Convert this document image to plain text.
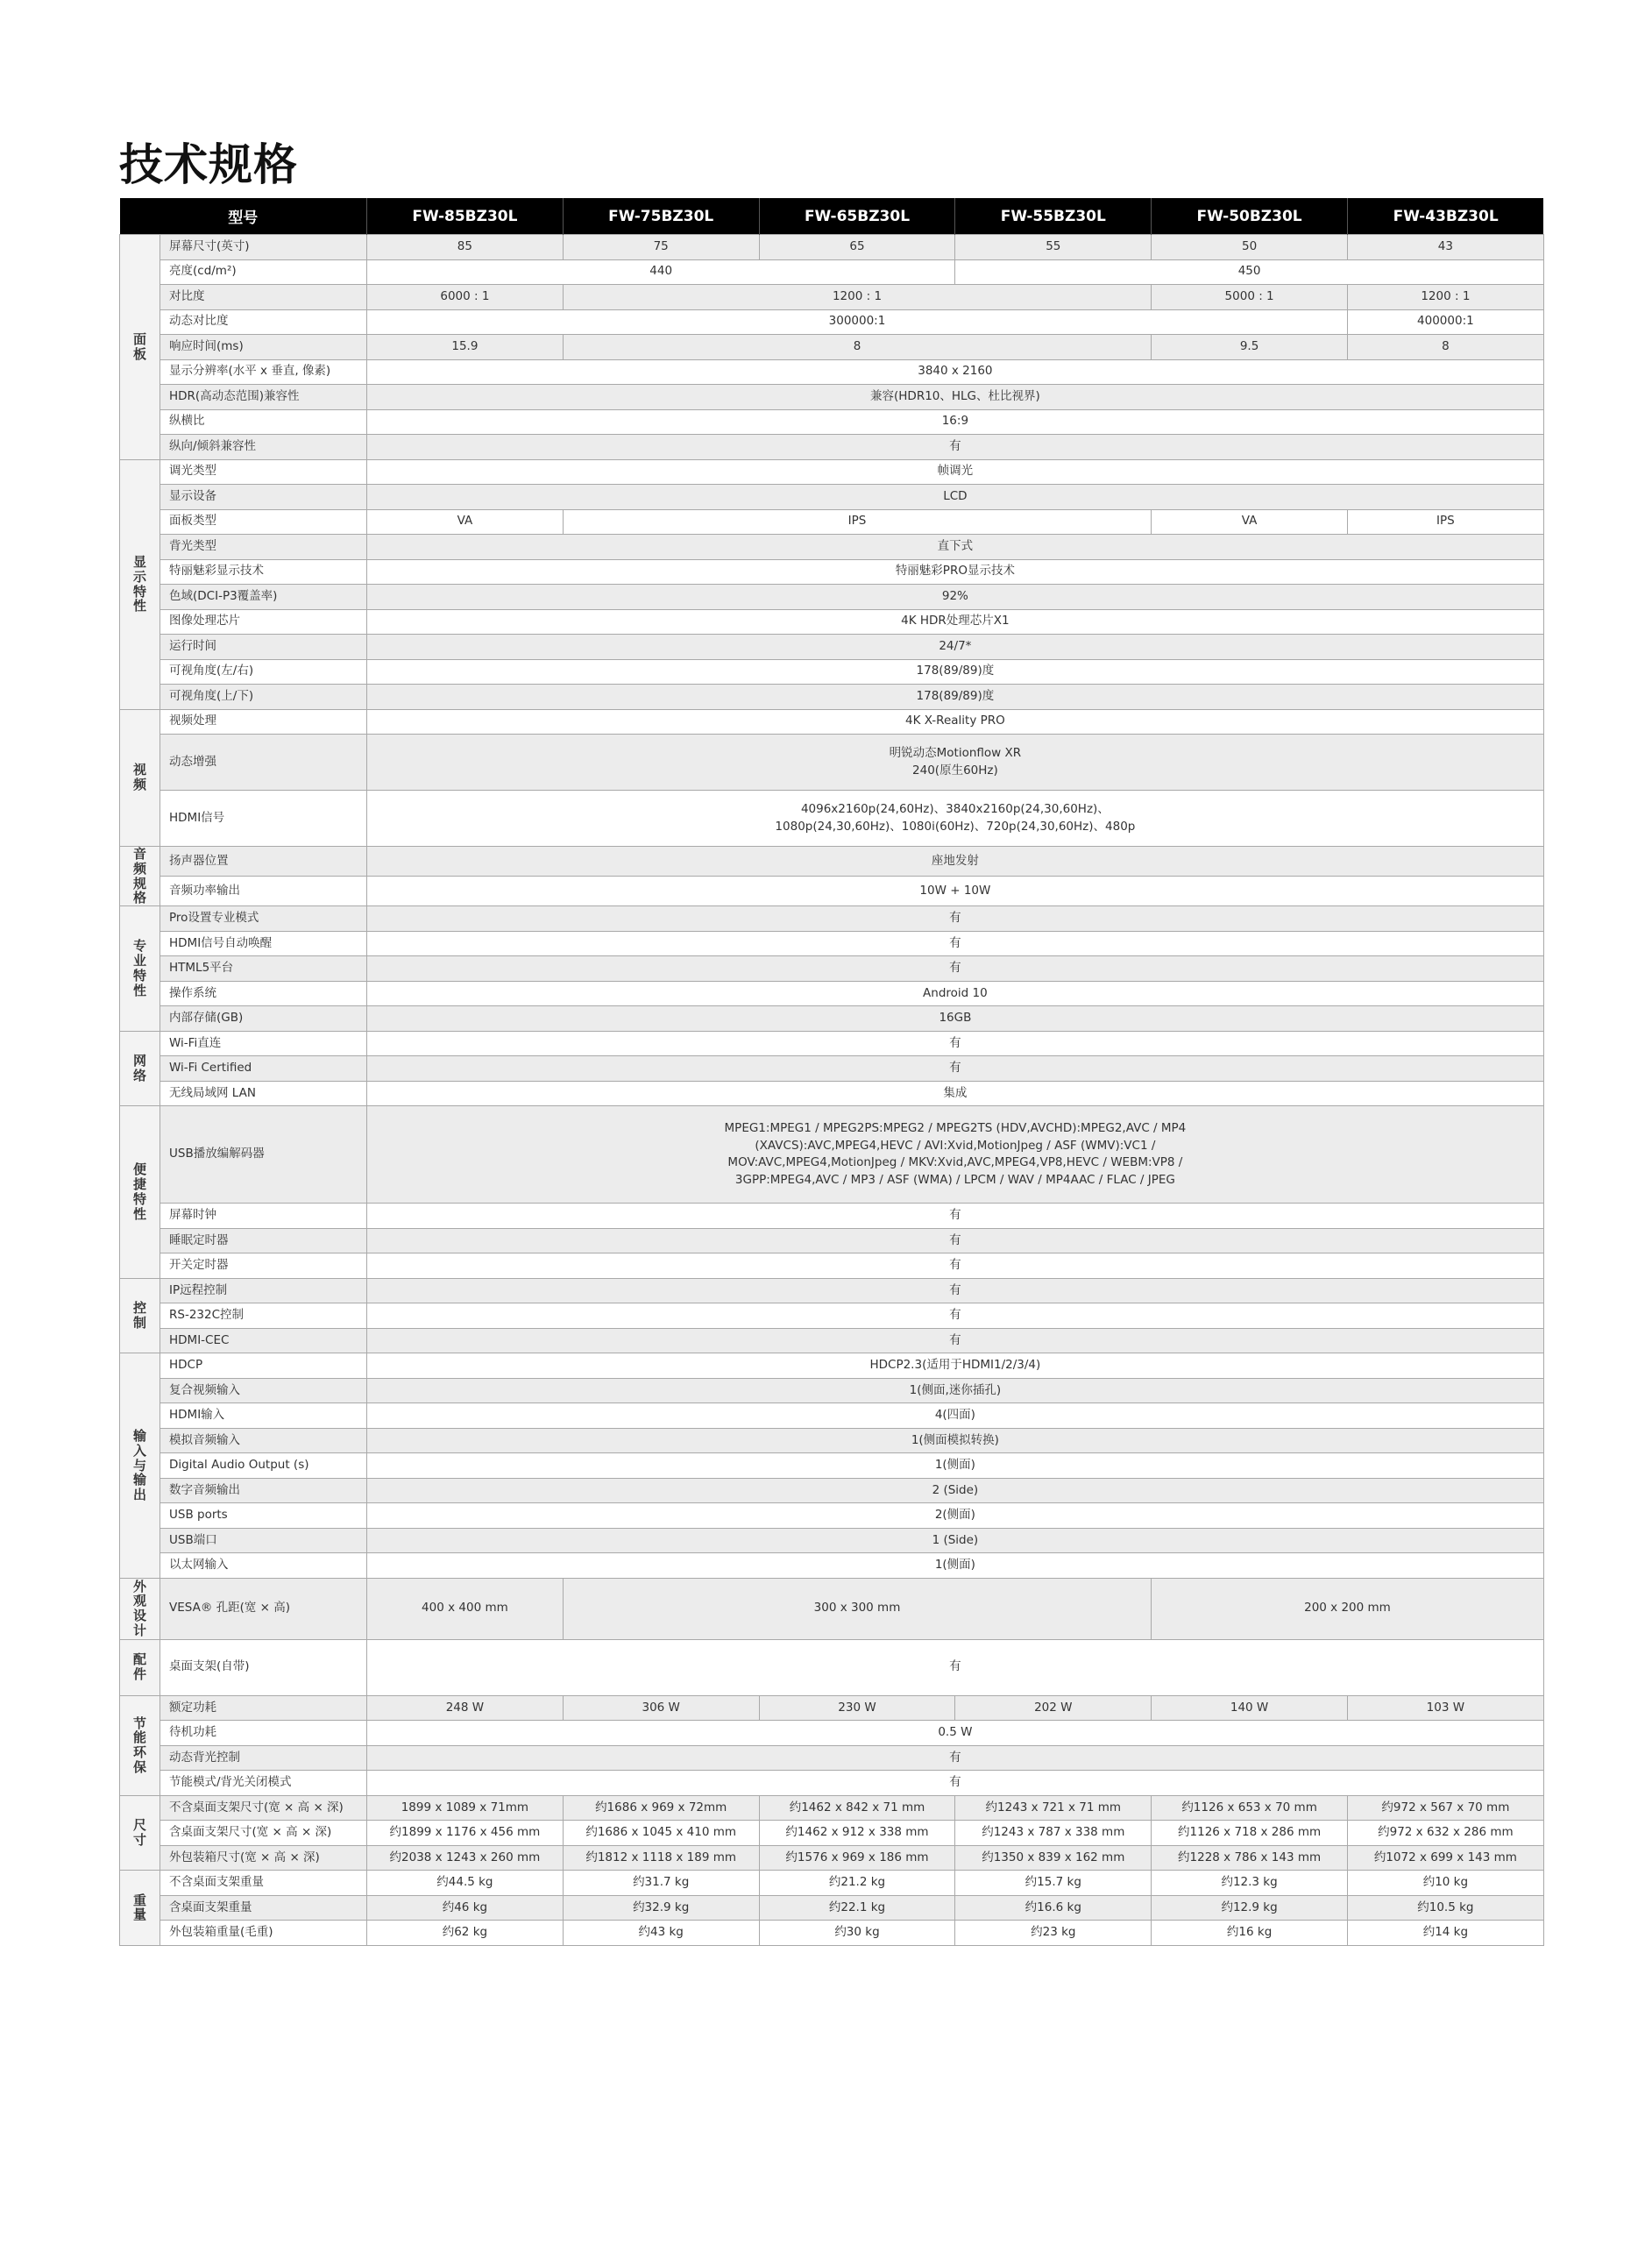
技术规格
型号		FW-85BZ30L	FW-75BZ30L	FW-65BZ30L	FW-55BZ30L	FW-50BZ30L	FW-43BZ30L

面板	屏幕尺寸(英寸)	85	75	65	55	50	43
	亮度(cd/m²)	440			450		
	对比度	6000 : 1	1200 : 1			5000 : 1	1200 : 1
	动态对比度	300000:1					400000:1
	响应时间(ms)	15.9	8			9.5	8
	显示分辨率(水平 x 垂直, 像素)	3840 x 2160					
	HDR(高动态范围)兼容性	兼容(HDR10、HLG、杜比视界)					
	纵横比	16:9					
	纵向/倾斜兼容性	有					

显示特性	调光类型	帧调光					
	显示设备	LCD					
	面板类型	VA	IPS			VA	IPS
	背光类型	直下式					
	特丽魅彩显示技术	特丽魅彩PRO显示技术					
	色域(DCI-P3覆盖率)	92%					
	图像处理芯片	4K HDR处理芯片X1					
	运行时间	24/7*					
	可视角度(左/右)	178(89/89)度					
	可视角度(上/下)	178(89/89)度					

视频	视频处理	4K X-Reality PRO					
	动态增强	明锐动态Motionflow XR
240(原生60Hz)					
	HDMI信号	4096x2160p(24,60Hz)、3840x2160p(24,30,60Hz)、
1080p(24,30,60Hz)、1080i(60Hz)、720p(24,30,60Hz)、480p					

音频规格	扬声器位置	座地发射					
	音频功率输出	10W + 10W					

专业特性	Pro设置专业模式	有					
	HDMI信号自动唤醒	有					
	HTML5平台	有					
	操作系统	Android 10					
	内部存储(GB)	16GB					

网络	Wi-Fi直连	有					
	Wi-Fi Certified	有					
	无线局域网 LAN	集成					

便捷特性	USB播放编解码器	MPEG1:MPEG1 / MPEG2PS:MPEG2 / MPEG2TS (HDV,AVCHD):MPEG2,AVC / MP4
(XAVCS):AVC,MPEG4,HEVC / AVI:Xvid,MotionJpeg / ASF (WMV):VC1 /
MOV:AVC,MPEG4,MotionJpeg / MKV:Xvid,AVC,MPEG4,VP8,HEVC / WEBM:VP8 /
3GPP:MPEG4,AVC / MP3 / ASF (WMA) / LPCM / WAV / MP4AAC / FLAC / JPEG					
	屏幕时钟	有					
	睡眠定时器	有					
	开关定时器	有					

控制	IP远程控制	有					
	RS-232C控制	有					
	HDMI-CEC	有					

输入与输出	HDCP	HDCP2.3(适用于HDMI1/2/3/4)					
	复合视频输入	1(侧面,迷你插孔)					
	HDMI输入	4(四面)					
	模拟音频输入	1(侧面模拟转换)					
	Digital Audio Output (s)	1(侧面)					
	数字音频输出	2 (Side)					
	USB ports	2(侧面)					
	USB端口	1 (Side)					
	以太网输入	1(侧面)					

外观设计	VESA® 孔距(宽 × 高)	400 x 400 mm	300 x 300 mm			200 x 200 mm	

配件	桌面支架(自带)	有					

节能环保	额定功耗	248 W	306 W	230 W	202 W	140 W	103 W
	待机功耗	0.5 W					
	动态背光控制	有					
	节能模式/背光关闭模式	有					

尺寸	不含桌面支架尺寸(宽 × 高 × 深)	1899 x 1089 x 71mm	约1686 x 969 x 72mm	约1462 x 842 x 71 mm	约1243 x 721 x 71 mm	约1126 x 653 x 70 mm	约972 x 567 x 70 mm
	含桌面支架尺寸(宽 × 高 × 深)	约1899 x 1176 x 456 mm	约1686 x 1045 x 410 mm	约1462 x 912 x 338 mm	约1243 x 787 x 338 mm	约1126 x 718 x 286 mm	约972 x 632 x 286 mm
	外包装箱尺寸(宽 × 高 × 深)	约2038 x 1243 x 260 mm	约1812 x 1118 x 189 mm	约1576 x 969 x 186 mm	约1350 x 839 x 162 mm	约1228 x 786 x 143 mm	约1072 x 699 x 143 mm

重量	不含桌面支架重量	约44.5 kg	约31.7 kg	约21.2 kg	约15.7 kg	约12.3 kg	约10 kg
	含桌面支架重量	约46 kg	约32.9 kg	约22.1 kg	约16.6 kg	约12.9 kg	约10.5 kg
	外包装箱重量(毛重)	约62 kg	约43 kg	约30 kg	约23 kg	约16 kg	约14 kg
